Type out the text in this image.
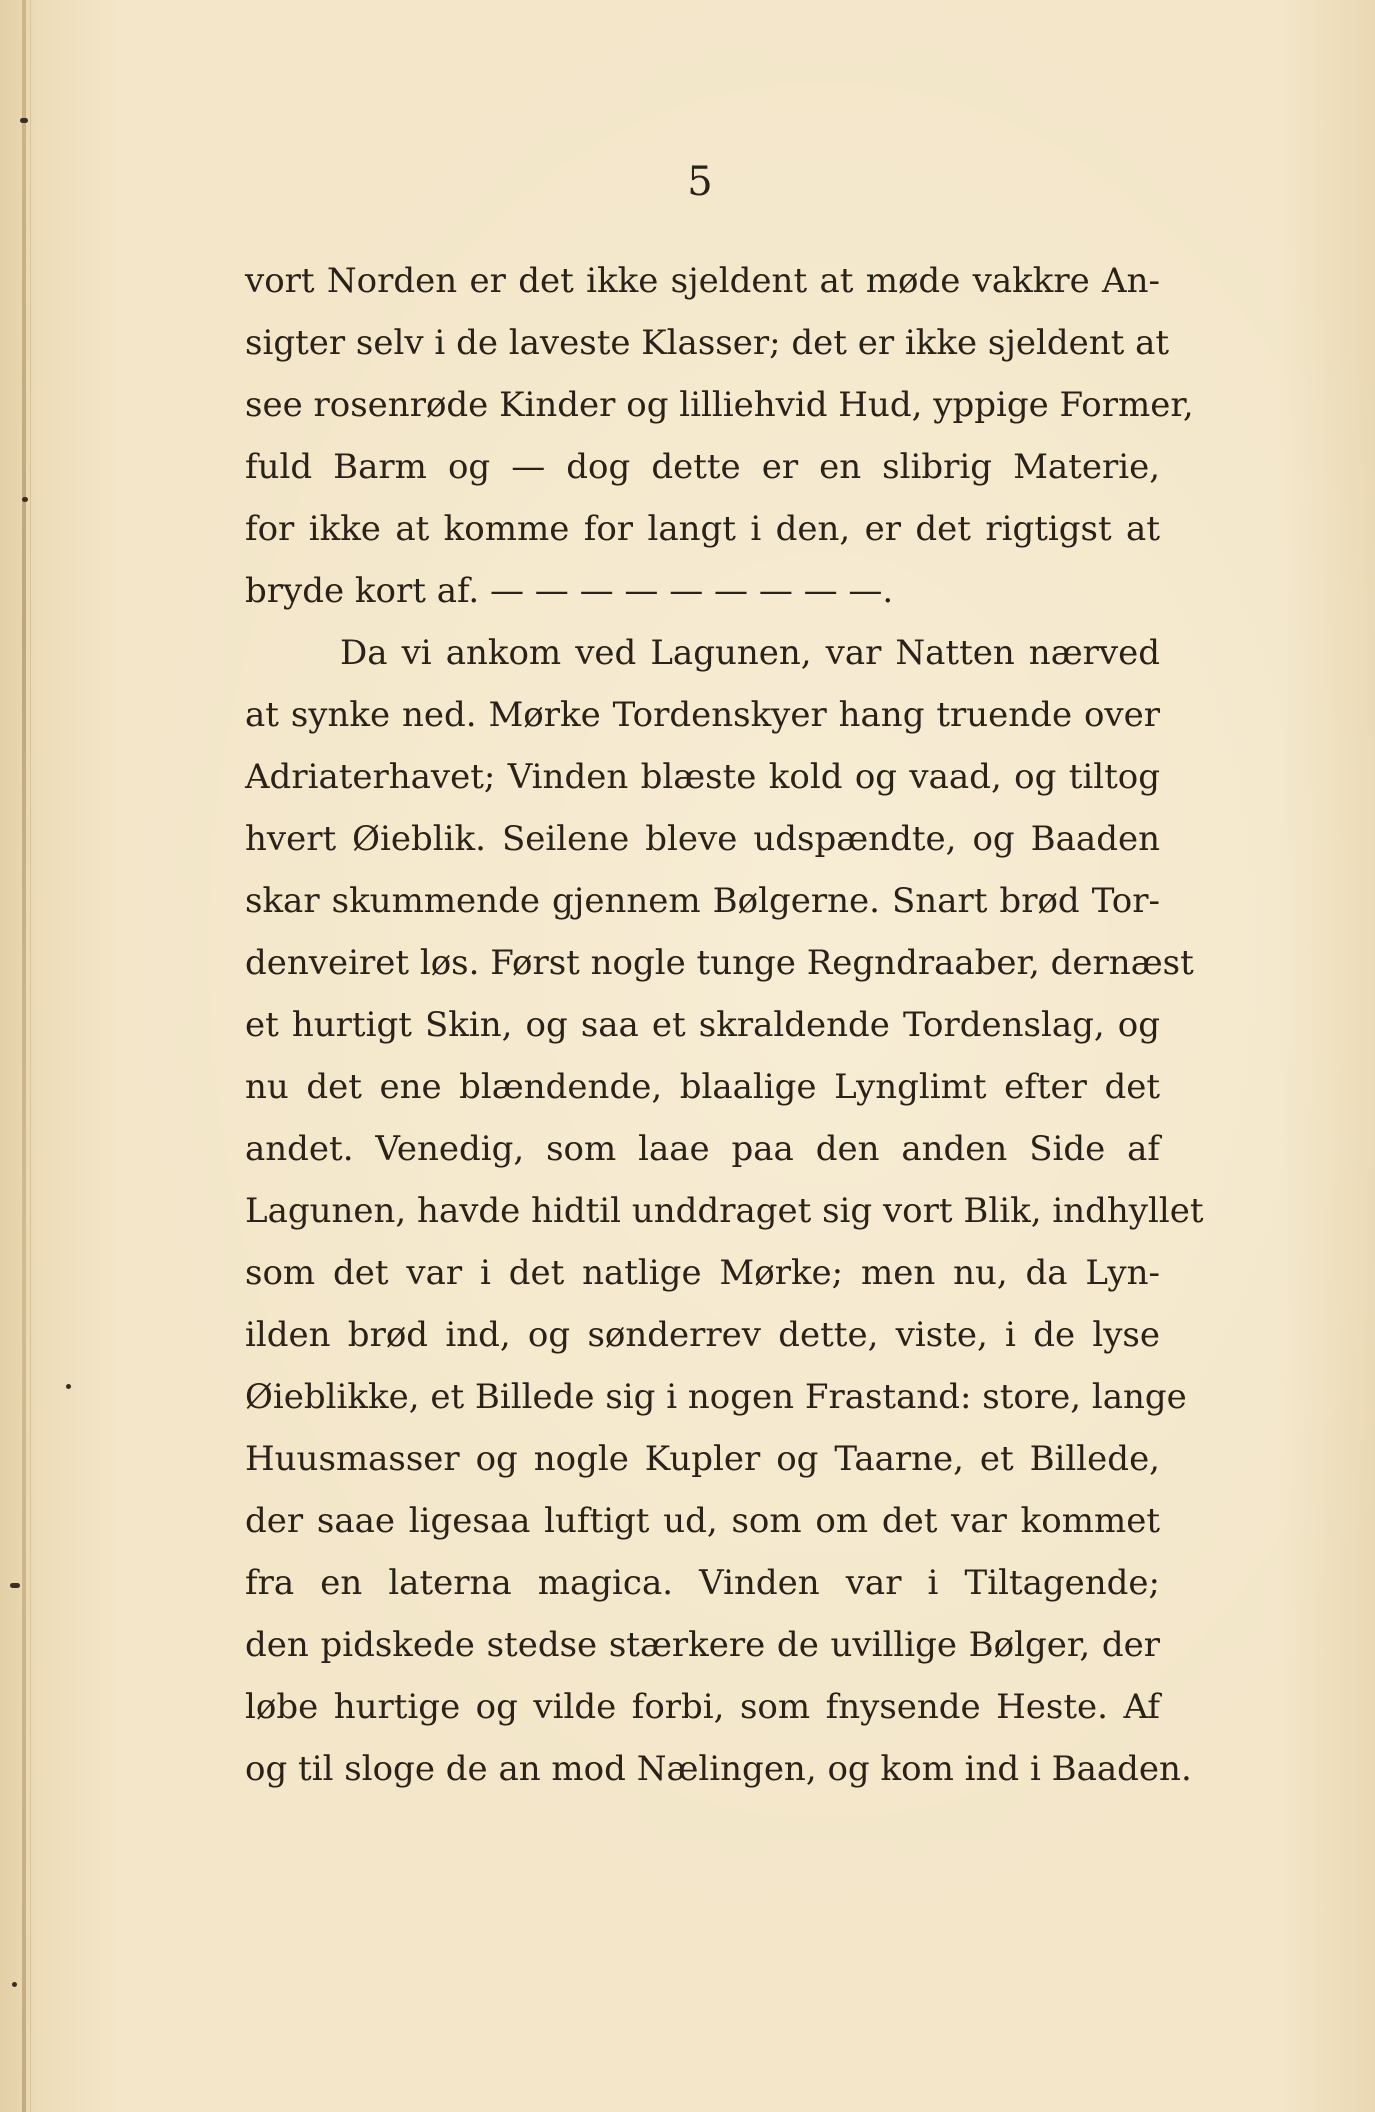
5
vort Norden er det ikke sjeldent at møde vakkre An-
sigter selv i de laveste Klasser; det er ikke sjeldent at
see rosenrøde Kinder og lilliehvid Hud, yppige Former,
fuld Barm og — dog dette er en slibrig Materie,
for ikke at komme for langt i den, er det rigtigst at
bryde kort af. — — — — — — — — —.
Da vi ankom ved Lagunen, var Natten nærved
at synke ned. Mørke Tordenskyer hang truende over
Adriaterhavet; Vinden blæste kold og vaad, og tiltog
hvert Øieblik. Seilene bleve udspændte, og Baaden
skar skummende gjennem Bølgerne. Snart brød Tor-
denveiret løs. Først nogle tunge Regndraaber, dernæst
et hurtigt Skin, og saa et skraldende Tordenslag, og
nu det ene blændende, blaalige Lynglimt efter det
andet. Venedig, som laae paa den anden Side af
Lagunen, havde hidtil unddraget sig vort Blik, indhyllet
som det var i det natlige Mørke; men nu, da Lyn-
ilden brød ind, og sønderrev dette, viste, i de lyse
Øieblikke, et Billede sig i nogen Frastand: store, lange
Huusmasser og nogle Kupler og Taarne, et Billede,
der saae ligesaa luftigt ud, som om det var kommet
fra en laterna magica. Vinden var i Tiltagende;
den pidskede stedse stærkere de uvillige Bølger, der
løbe hurtige og vilde forbi, som fnysende Heste. Af
og til sloge de an mod Nælingen, og kom ind i Baaden.
